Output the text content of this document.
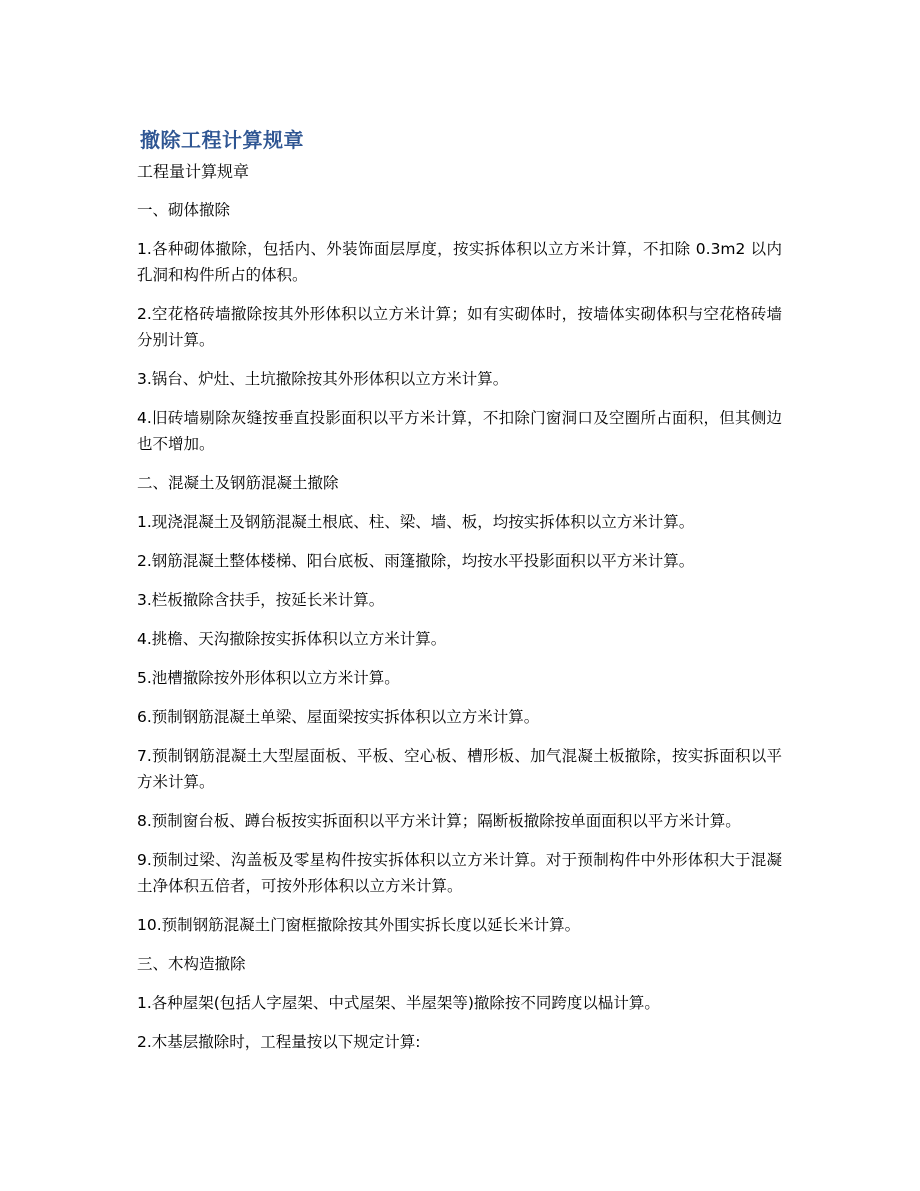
撤除工程计算规章
工程量计算规章

一、砌体撤除

1.各种砌体撤除，包括内、外装饰面层厚度，按实拆体积以立方米计算，不扣除 0.3m2 以内孔洞和构件所占的体积。

2.空花格砖墙撤除按其外形体积以立方米计算；如有实砌体时，按墙体实砌体积与空花格砖墙分别计算。

3.锅台、炉灶、土坑撤除按其外形体积以立方米计算。

4.旧砖墙剔除灰缝按垂直投影面积以平方米计算，不扣除门窗洞口及空圈所占面积，但其侧边也不增加。

二、混凝土及钢筋混凝土撤除

1.现浇混凝土及钢筋混凝土根底、柱、梁、墙、板，均按实拆体积以立方米计算。

2.钢筋混凝土整体楼梯、阳台底板、雨篷撤除，均按水平投影面积以平方米计算。

3.栏板撤除含扶手，按延长米计算。

4.挑檐、天沟撤除按实拆体积以立方米计算。

5.池槽撤除按外形体积以立方米计算。

6.预制钢筋混凝土单梁、屋面梁按实拆体积以立方米计算。

7.预制钢筋混凝土大型屋面板、平板、空心板、槽形板、加气混凝土板撤除，按实拆面积以平方米计算。

8.预制窗台板、蹲台板按实拆面积以平方米计算；隔断板撤除按单面面积以平方米计算。

9.预制过梁、沟盖板及零星构件按实拆体积以立方米计算。对于预制构件中外形体积大于混凝土净体积五倍者，可按外形体积以立方米计算。

10.预制钢筋混凝土门窗框撤除按其外围实拆长度以延长米计算。

三、木构造撤除

1.各种屋架(包括人字屋架、中式屋架、半屋架等)撤除按不同跨度以榀计算。

2.木基层撤除时，工程量按以下规定计算:
